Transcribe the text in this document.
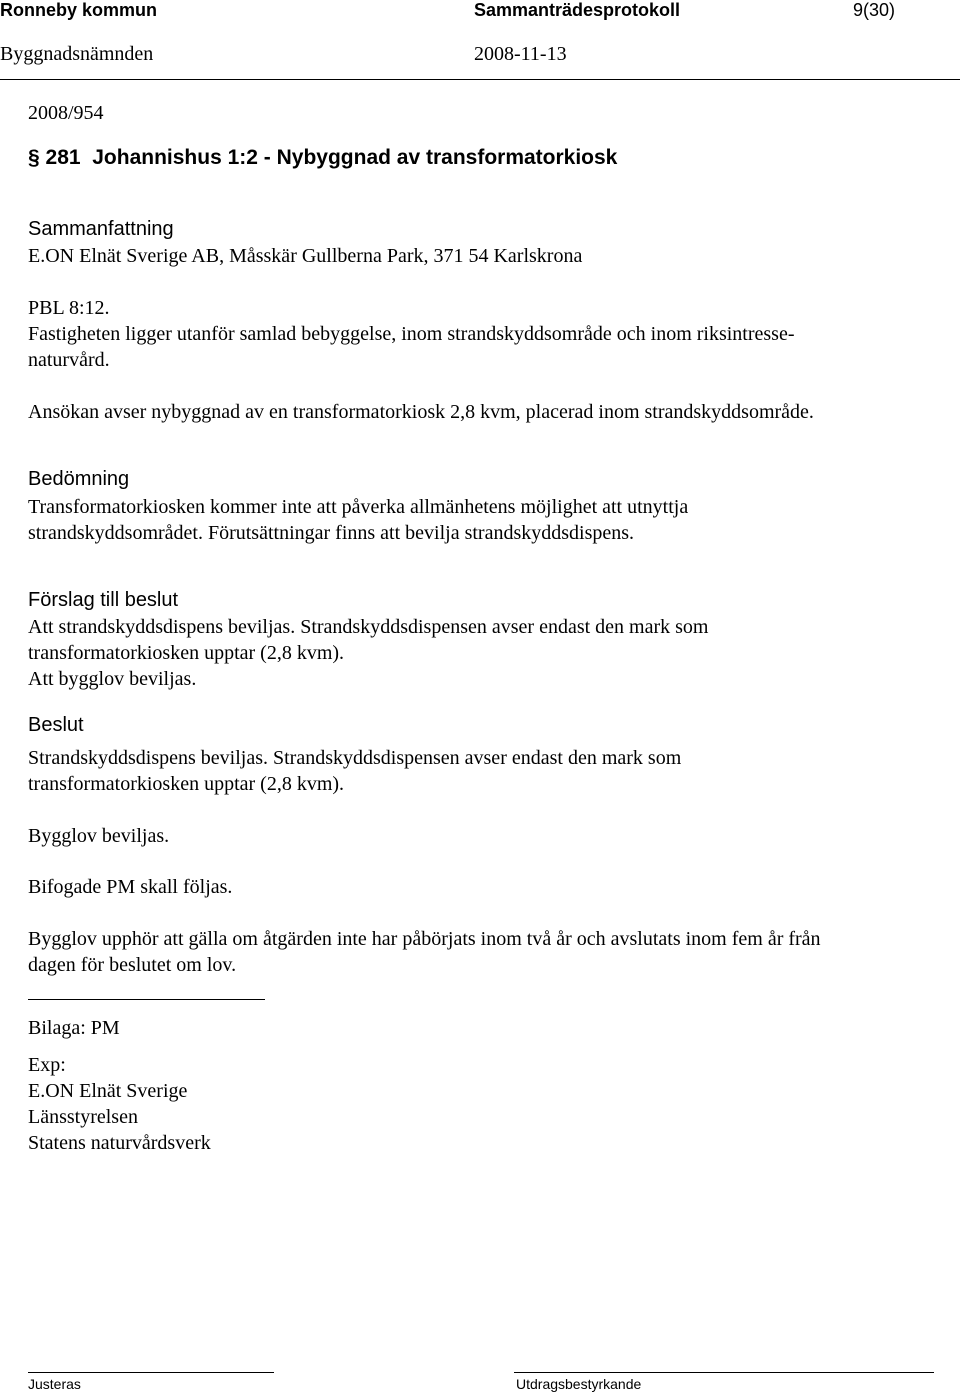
Ronneby kommun	Sammanträdesprotokoll	9(30)
Byggnadsnämnden	2008-11-13
2008/954
§ 281  Johannishus 1:2 - Nybyggnad av transformatorkiosk
Sammanfattning
E.ON Elnät Sverige AB, Måsskär Gullberna Park, 371 54 Karlskrona
PBL 8:12.
Fastigheten ligger utanför samlad bebyggelse, inom strandskyddsområde och inom riksintresse-
naturvård.
Ansökan avser nybyggnad av en transformatorkiosk 2,8 kvm, placerad inom strandskyddsområde.
Bedömning
Transformatorkiosken kommer inte att påverka allmänhetens möjlighet att utnyttja
strandskyddsområdet. Förutsättningar finns att bevilja strandskyddsdispens.
Förslag till beslut
Att strandskyddsdispens beviljas. Strandskyddsdispensen avser endast den mark som
transformatorkiosken upptar (2,8 kvm).
Att bygglov beviljas.
Beslut
Strandskyddsdispens beviljas. Strandskyddsdispensen avser endast den mark som
transformatorkiosken upptar (2,8 kvm).
Bygglov beviljas.
Bifogade PM skall följas.
Bygglov upphör att gälla om åtgärden inte har påbörjats inom två år och avslutats inom fem år från
dagen för beslutet om lov.
Bilaga: PM
Exp:
E.ON Elnät Sverige
Länsstyrelsen
Statens naturvårdsverk
Justeras	Utdragsbestyrkande
